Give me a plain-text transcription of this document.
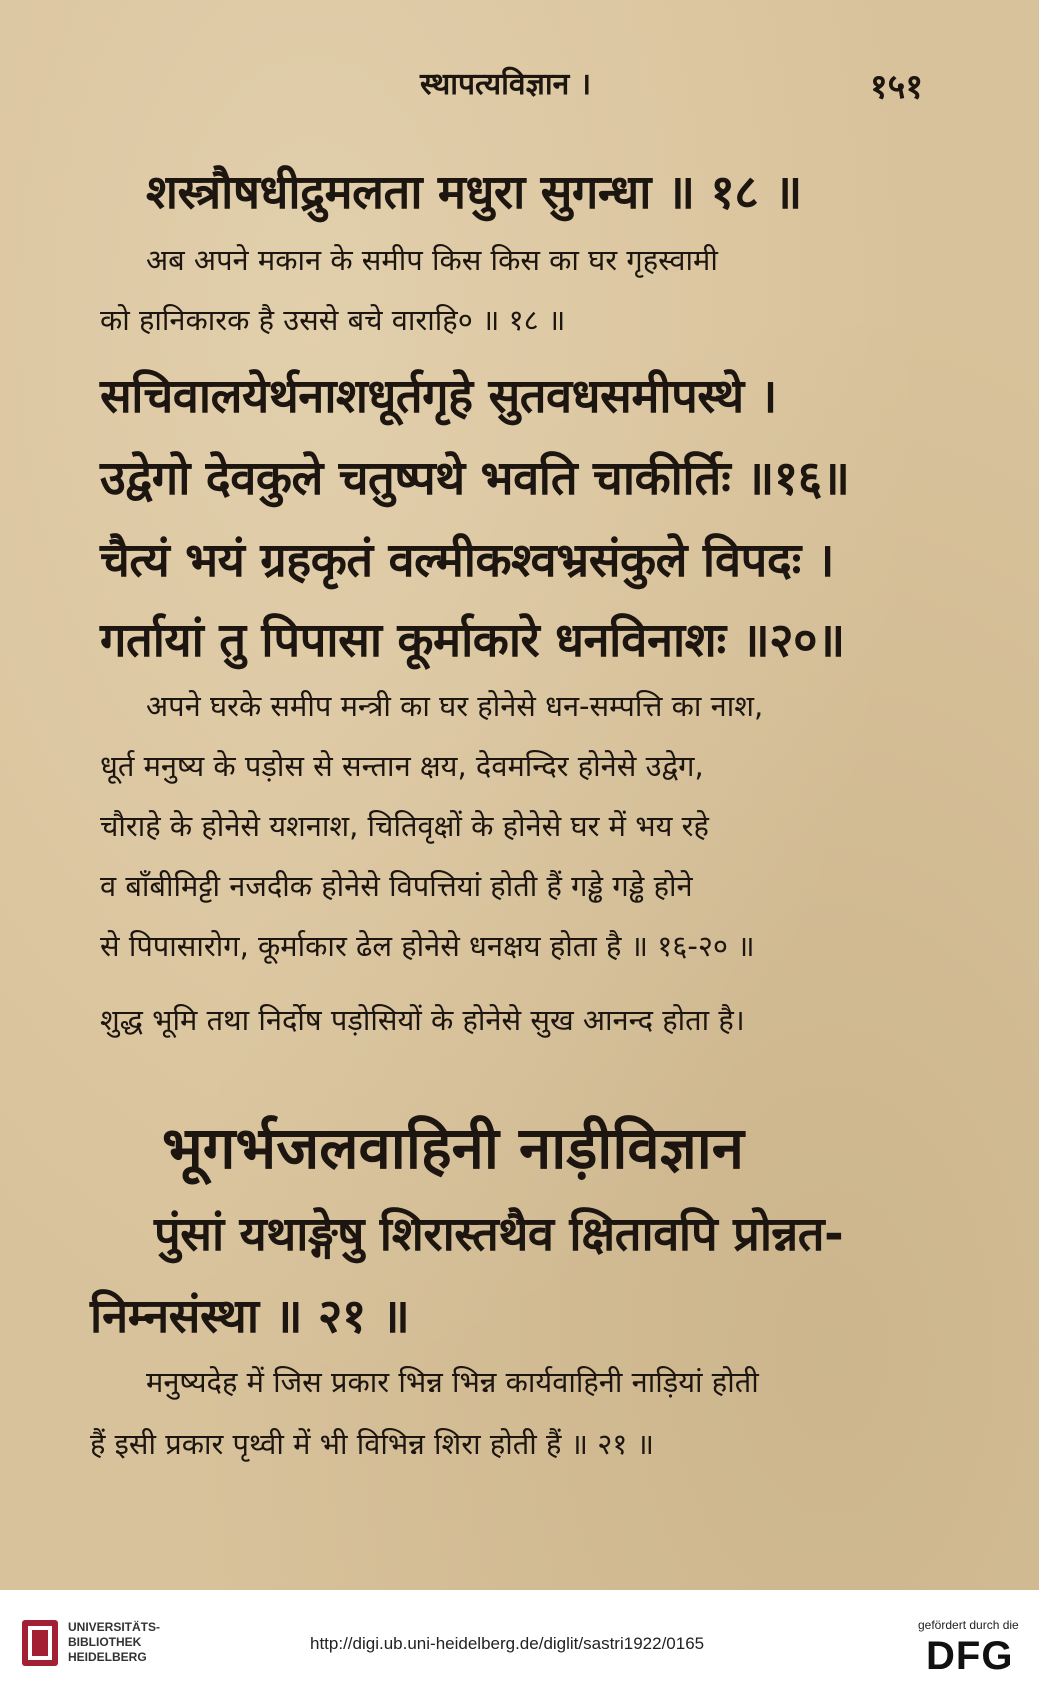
स्थापत्यविज्ञान ।	१५१
शस्त्रौषधीद्रुमलता मधुरा सुगन्धा ॥ १८ ॥
अब अपने मकान के समीप किस किस का घर गृहस्वामी
को हानिकारक है उससे बचे वाराहि० ॥ १८ ॥
सचिवालयेर्थनाशधूर्तगृहे सुतवधसमीपस्थे ।
उद्वेगो देवकुले चतुष्पथे भवति चाकीर्तिः ॥१६॥
चैत्यं भयं ग्रहकृतं वल्मीकश्वभ्रसंकुले विपदः ।
गर्तायां तु पिपासा कूर्माकारे धनविनाशः ॥२०॥
अपने घरके समीप मन्त्री का घर होनेसे धन-सम्पत्ति का नाश,
धूर्त मनुष्य के पड़ोस से सन्तान क्षय, देवमन्दिर होनेसे उद्वेग,
चौराहे के होनेसे यशनाश, चितिवृक्षों के होनेसे घर में भय रहे
व बाँबीमिट्टी नजदीक होनेसे विपत्तियां होती हैं गड्ढे गड्ढे होने
से पिपासारोग, कूर्माकार ढेल होनेसे धनक्षय होता है ॥ १६-२० ॥
शुद्ध भूमि तथा निर्दोष पड़ोसियों के होनेसे सुख आनन्द होता है।
भूगर्भजलवाहिनी नाड़ीविज्ञान
पुंसां यथाङ्गेषु शिरास्तथैव क्षितावपि प्रोन्नत-
निम्नसंस्था ॥ २१ ॥
मनुष्यदेह में जिस प्रकार भिन्न भिन्न कार्यवाहिनी नाड़ियां होती
हैं इसी प्रकार पृथ्वी में भी विभिन्न शिरा होती हैं ॥ २१ ॥
UNIVERSITÄTS-
BIBLIOTHEK
HEIDELBERG
http://digi.ub.uni-heidelberg.de/diglit/sastri1922/0165
gefördert durch die
DFG
